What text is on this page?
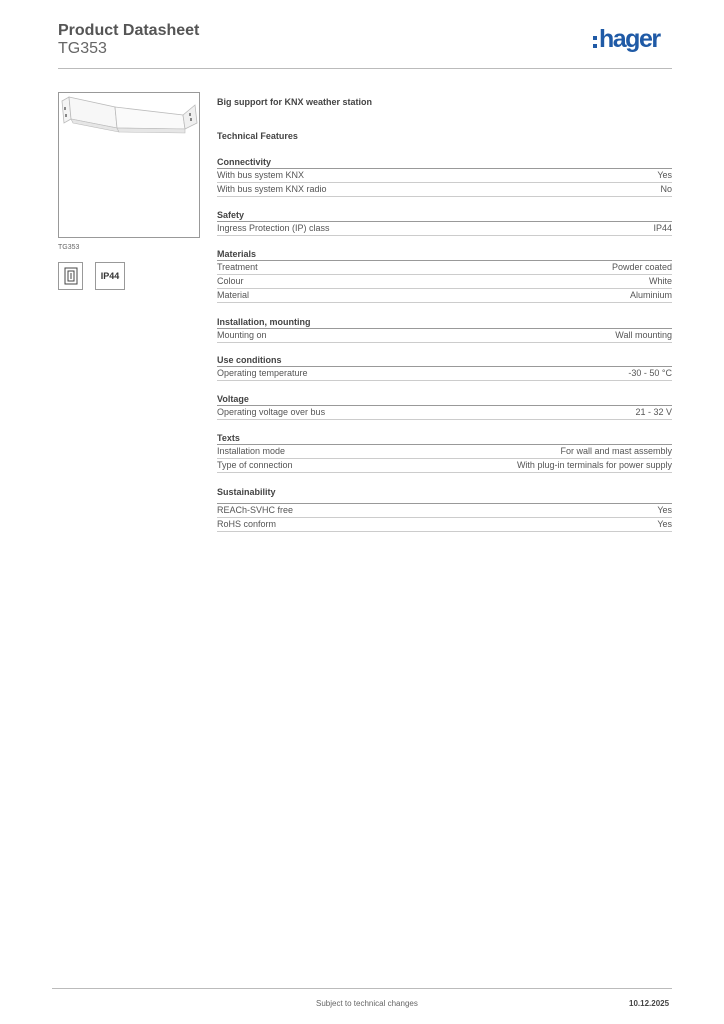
Product Datasheet
TG353	hager
TG353
IP44
Big support for KNX weather station
Technical Features
Connectivity
With bus system KNX	Yes
With bus system KNX radio	No
Safety
Ingress Protection (IP) class	IP44
Materials
Treatment	Powder coated
Colour	White
Material	Aluminium
Installation, mounting
Mounting on	Wall mounting
Use conditions
Operating temperature	-30 - 50 °C
Voltage
Operating voltage over bus	21 - 32 V
Texts
Installation mode	For wall and mast assembly
Type of connection	With plug-in terminals for power supply
Sustainability
REACh-SVHC free	Yes
RoHS conform	Yes
Subject to technical changes	10.12.2025
